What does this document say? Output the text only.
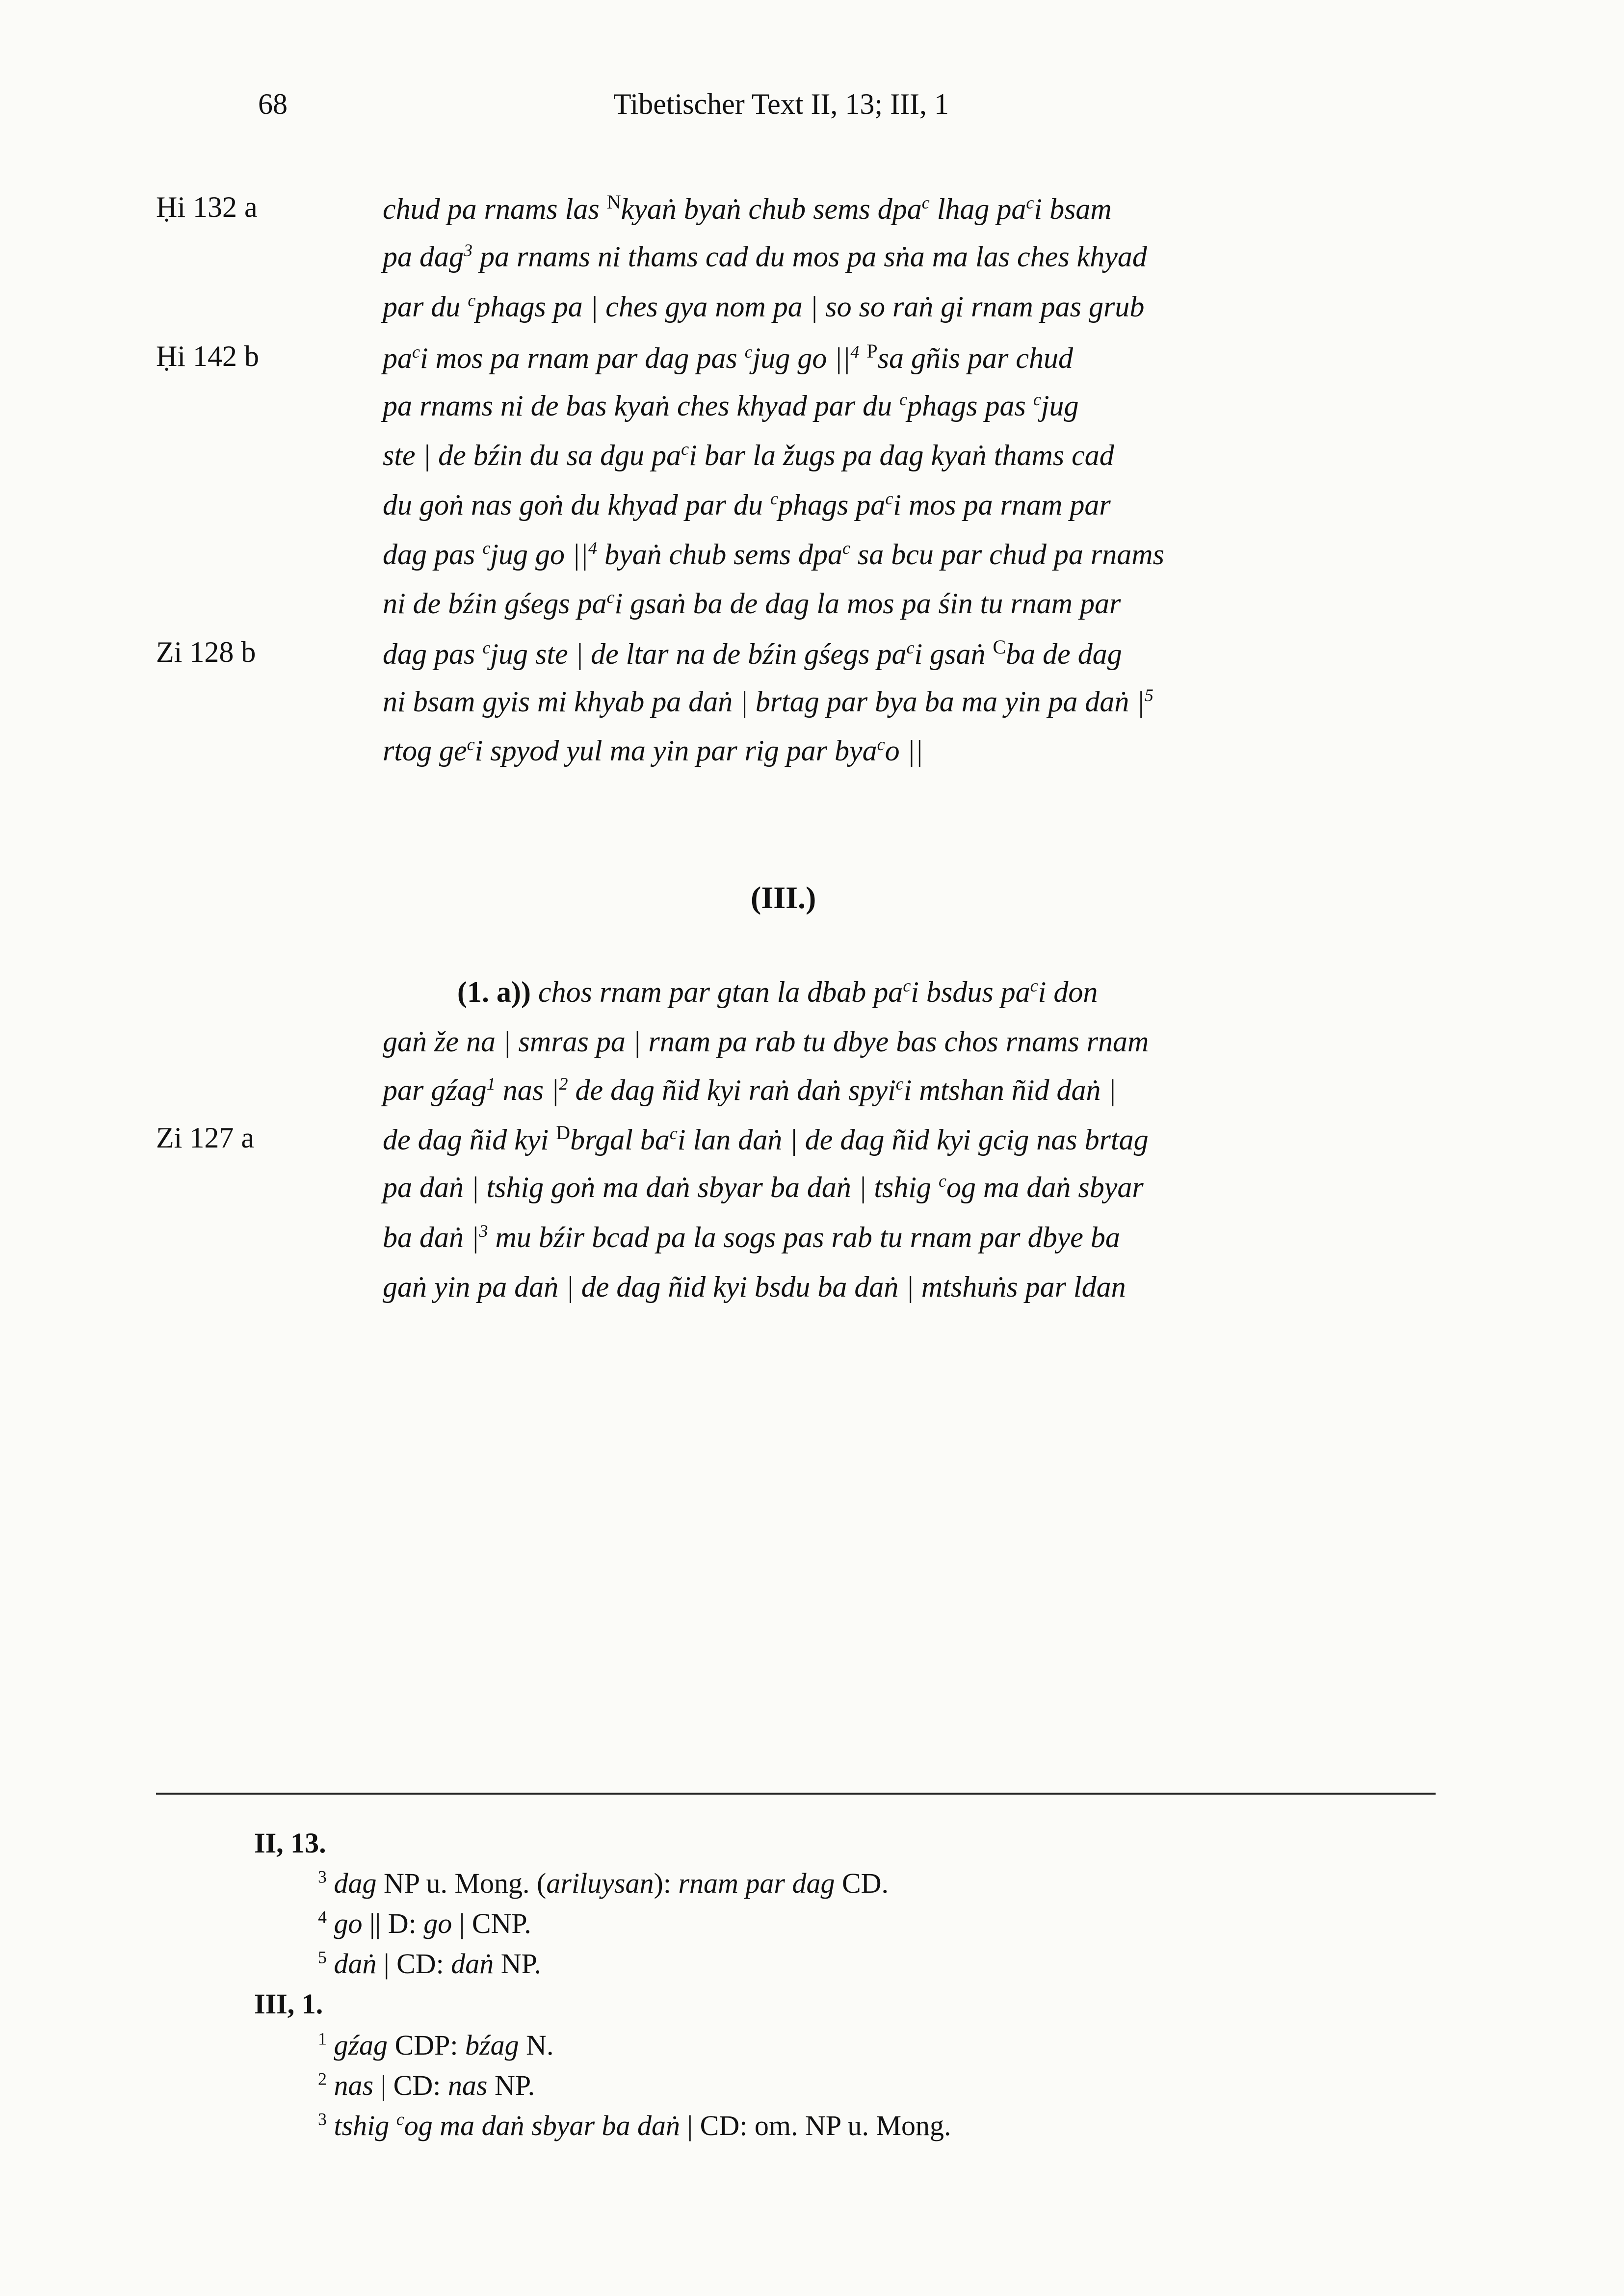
68	Tibetischer Text II, 13; III, 1
Ḥi 132 a
Ḥi 142 b
Zi 128 b
Zi 127 a
chud pa rnams las $^N$kyaṅ byaṅ chub sems dpa$^c$ lhag $pa^ci$ bsam
pa dag$^3$ pa rnams ni thams cad du mos pa sṅa ma las ches khyad
par du $^c$phags pa | ches gya nom pa | so so raṅ gi rnam pas grub
$pa^ci$ mos pa rnam par dag pas $^c$jug go $||^4$ $^P$sa gñis par chud
pa rnams ni de bas kyaṅ ches khyad par du $^c$phags pas $^c$jug
ste | de bźin du sa dgu $pa^ci$ bar la žugs pa dag kyaṅ thams cad
du goṅ nas goṅ du khyad par du $^c$phags $pa^ci$ mos pa rnam par
dag pas $^c$jug go $||^4$ byaṅ chub sems dpa$^c$ sa bcu par chud pa rnams
ni de bźin gśegs $pa^ci$ gsaṅ ba de dag la mos pa śin tu rnam par
dag pas $^c$jug ste | de ltar na de bźin gśegs $pa^ci$ gsaṅ $^C$ba de dag
ni bsam gyis mi khyab pa daṅ | brtag par bya ba ma yin pa daṅ $|^5$
rtog $ge^ci$ spyod yul ma yin par rig par bya$^c$o ||
(III.)
(1. a)) chos rnam par gtan la dbab $pa^ci$ bsdus $pa^ci$ don
gaṅ že na | smras pa | rnam pa rab tu dbye bas chos rnams rnam
par gźag$^1$ nas $|^2$ de dag ñid kyi raṅ daṅ spyi$^c$i mtshan ñid daṅ |
de dag ñid kyi $^D$brgal $ba^ci$ lan daṅ | de dag ñid kyi gcig nas brtag
pa daṅ | tshig goṅ ma daṅ sbyar ba daṅ | tshig $^c$og ma daṅ sbyar
ba daṅ $|^3$ mu bźir bcad pa la sogs pas rab tu rnam par dbye ba
gaṅ yin pa daṅ | de dag ñid kyi bsdu ba daṅ | mtshuṅs par ldan
II, 13.
$^3$ dag NP u. Mong. (ariluysan): rnam par dag CD.
$^4$ go || D: go | CNP.
$^5$ daṅ | CD: daṅ NP.
III, 1.
$^1$ gźag CDP: bźag N.
$^2$ nas | CD: nas NP.
$^3$ tshig $^c$og ma daṅ sbyar ba daṅ | CD: om. NP u. Mong.
